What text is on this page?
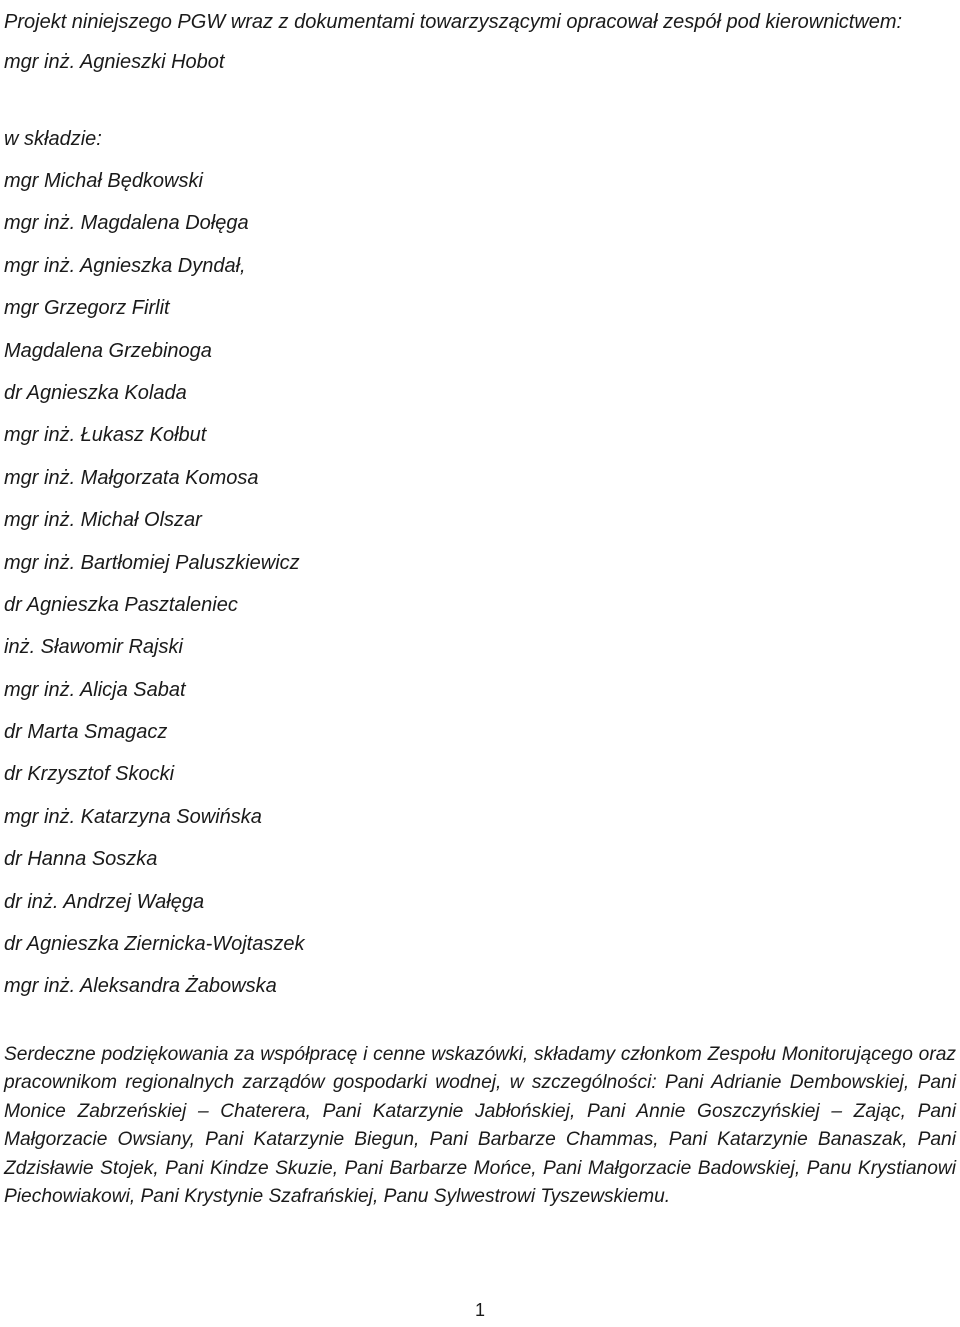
Projekt niniejszego PGW wraz z dokumentami towarzyszącymi opracował zespół pod kierownictwem:
mgr inż. Agnieszki Hobot

w składzie:

mgr Michał Będkowski
mgr inż. Magdalena Dołęga
mgr inż. Agnieszka Dyndał,
mgr Grzegorz Firlit
Magdalena Grzebinoga
dr Agnieszka Kolada
mgr inż. Łukasz Kołbut
mgr inż. Małgorzata Komosa
mgr inż. Michał Olszar
mgr inż. Bartłomiej Paluszkiewicz
dr Agnieszka Pasztaleniec
inż. Sławomir Rajski
mgr inż. Alicja Sabat
dr Marta Smagacz
dr Krzysztof Skocki
mgr inż. Katarzyna Sowińska
dr Hanna Soszka
dr inż. Andrzej Wałęga
dr Agnieszka Ziernicka-Wojtaszek
mgr inż. Aleksandra Żabowska

Serdeczne podziękowania za współpracę i cenne wskazówki, składamy członkom Zespołu Monitorującego oraz pracownikom regionalnych zarządów gospodarki wodnej, w szczególności: Pani Adrianie Dembowskiej, Pani Monice Zabrzeńskiej – Chaterera, Pani Katarzynie Jabłońskiej, Pani Annie Goszczyńskiej – Zając, Pani Małgorzacie Owsiany, Pani Katarzynie Biegun, Pani Barbarze Chammas, Pani Katarzynie Banaszak, Pani Zdzisławie Stojek, Pani Kindze Skuzie, Pani Barbarze Mońce, Pani Małgorzacie Badowskiej, Panu Krystianowi Piechowiakowi, Pani Krystynie Szafrańskiej, Panu Sylwestrowi Tyszewskiemu.

1
